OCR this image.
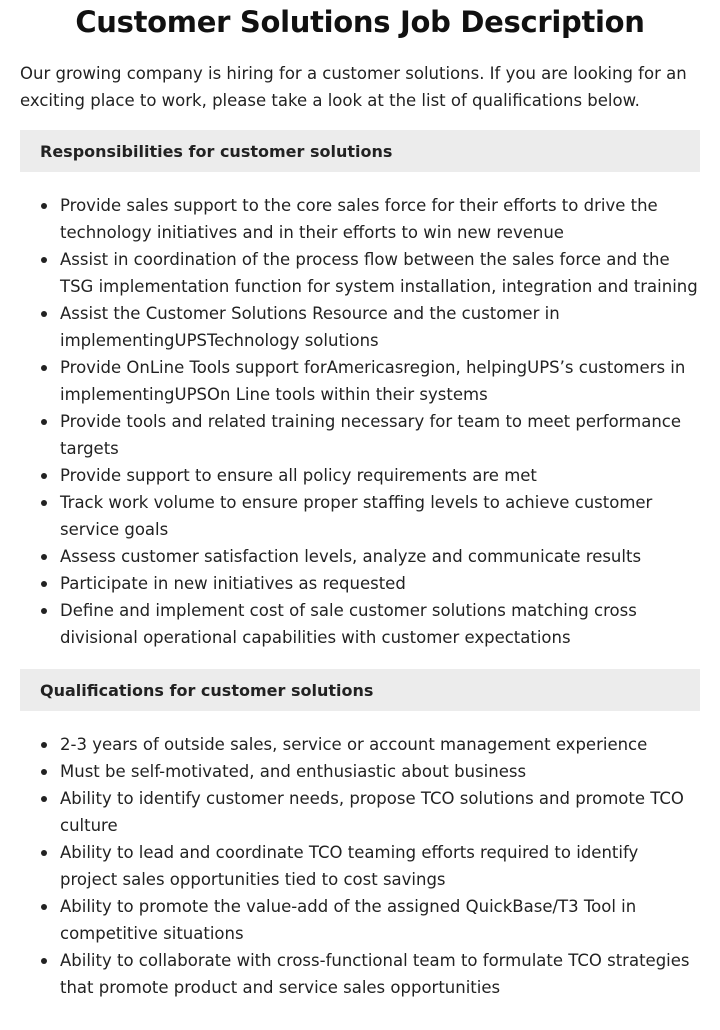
Customer Solutions Job Description

Our growing company is hiring for a customer solutions. If you are looking for an exciting place to work, please take a look at the list of qualifications below.

Responsibilities for customer solutions
Provide sales support to the core sales force for their efforts to drive the technology initiatives and in their efforts to win new revenue
Assist in coordination of the process flow between the sales force and the TSG implementation function for system installation, integration and training
Assist the Customer Solutions Resource and the customer in implementingUPSTechnology solutions
Provide OnLine Tools support forAmericasregion, helpingUPS’s customers in implementingUPSOn Line tools within their systems
Provide tools and related training necessary for team to meet performance targets
Provide support to ensure all policy requirements are met
Track work volume to ensure proper staffing levels to achieve customer service goals
Assess customer satisfaction levels, analyze and communicate results
Participate in new initiatives as requested
Define and implement cost of sale customer solutions matching cross divisional operational capabilities with customer expectations
Qualifications for customer solutions
2-3 years of outside sales, service or account management experience
Must be self-motivated, and enthusiastic about business
Ability to identify customer needs, propose TCO solutions and promote TCO culture
Ability to lead and coordinate TCO teaming efforts required to identify project sales opportunities tied to cost savings
Ability to promote the value-add of the assigned QuickBase/T3 Tool in competitive situations
Ability to collaborate with cross-functional team to formulate TCO strategies that promote product and service sales opportunities
